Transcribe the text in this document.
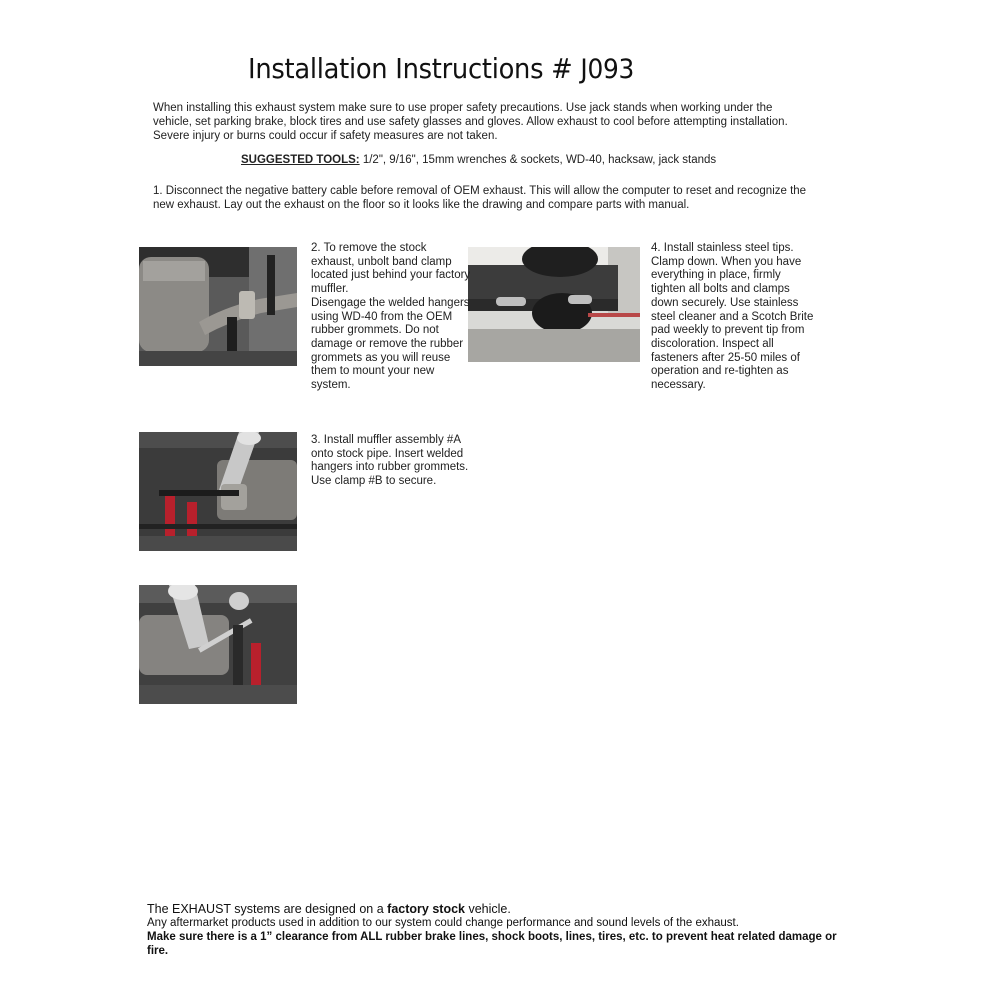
Installation Instructions # J093

When installing this exhaust system make sure to use proper safety precautions. Use jack stands when working under the vehicle, set parking brake, block tires and use safety glasses and gloves. Allow exhaust to cool before attempting installation. Severe injury or burns could occur if safety measures are not taken.

SUGGESTED TOOLS: 1/2", 9/16", 15mm wrenches & sockets, WD-40, hacksaw, jack stands

1. Disconnect the negative battery cable before removal of OEM exhaust. This will allow the computer to reset and recognize the new exhaust. Lay out the exhaust on the floor so it looks like the drawing and compare parts with manual.

2. To remove the stock exhaust, unbolt band clamp located just behind your factory muffler.
Disengage the welded hangers using WD-40 from the OEM rubber grommets. Do not damage or remove the rubber grommets as you will reuse them to mount your new system.

3. Install muffler assembly #A onto stock pipe. Insert welded hangers into rubber grommets. Use clamp #B to secure.

4. Install stainless steel tips. Clamp down. When you have everything in place, firmly tighten all bolts and clamps down securely. Use stainless steel cleaner and a Scotch Brite pad weekly to prevent tip from discoloration. Inspect all fasteners after 25-50 miles of operation and re-tighten as necessary.

The EXHAUST systems are designed on a factory stock vehicle.

Any aftermarket products used in addition to our system could change performance and sound levels of the exhaust.

Make sure there is a 1” clearance from ALL rubber brake lines, shock boots, lines, tires, etc. to prevent heat related damage or fire.
